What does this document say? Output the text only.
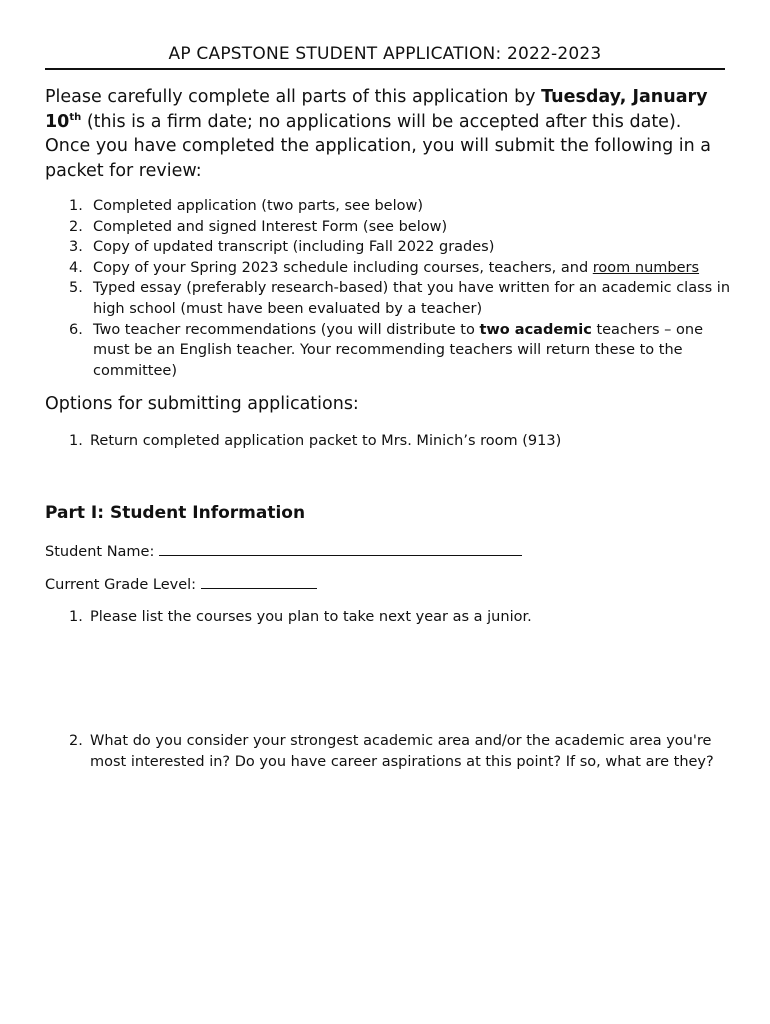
AP CAPSTONE STUDENT APPLICATION: 2022-2023
Please carefully complete all parts of this application by Tuesday, January 10th (this is a firm date; no applications will be accepted after this date). Once you have completed the application, you will submit the following in a packet for review:
1. Completed application (two parts, see below)
2. Completed and signed Interest Form (see below)
3. Copy of updated transcript (including Fall 2022 grades)
4. Copy of your Spring 2023 schedule including courses, teachers, and room numbers
5. Typed essay (preferably research-based) that you have written for an academic class in high school (must have been evaluated by a teacher)
6. Two teacher recommendations (you will distribute to two academic teachers – one must be an English teacher. Your recommending teachers will return these to the committee)
Options for submitting applications:
1. Return completed application packet to Mrs. Minich’s room (913)
Part I: Student Information
Student Name:
Current Grade Level:
1. Please list the courses you plan to take next year as a junior.
2. What do you consider your strongest academic area and/or the academic area you're most interested in? Do you have career aspirations at this point? If so, what are they?
